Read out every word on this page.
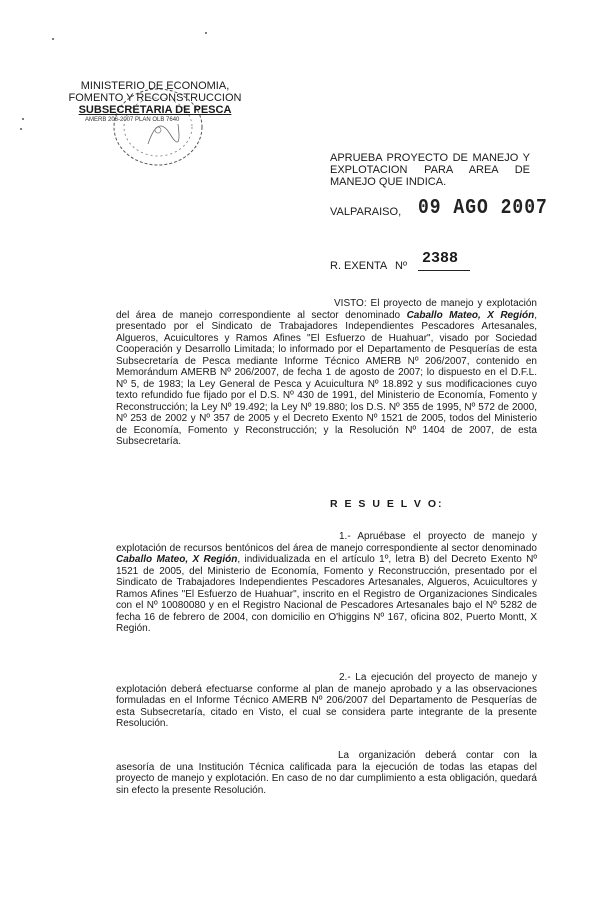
MINISTERIO DE ECONOMIA,
FOMENTO Y RECONSTRUCCION
SUBSECRETARIA DE PESCA
AMERB 206-2007 PLAN OLB 7640
APRUEBA PROYECTO DE MANEJO Y EXPLOTACION PARA AREA DE MANEJO QUE INDICA.
VALPARAISO, 09 AGO 2007
R. EXENTA Nº 2388
VISTO: El proyecto de manejo y explotación del área de manejo correspondiente al sector denominado Caballo Mateo, X Región, presentado por el Sindicato de Trabajadores Independientes Pescadores Artesanales, Algueros, Acuicultores y Ramos Afines "El Esfuerzo de Huahuar", visado por Sociedad Cooperación y Desarrollo Limitada; lo informado por el Departamento de Pesquerías de esta Subsecretaría de Pesca mediante Informe Técnico AMERB Nº 206/2007, contenido en Memorándum AMERB Nº 206/2007, de fecha 1 de agosto de 2007; lo dispuesto en el D.F.L. Nº 5, de 1983; la Ley General de Pesca y Acuicultura Nº 18.892 y sus modificaciones cuyo texto refundido fue fijado por el D.S. Nº 430 de 1991, del Ministerio de Economía, Fomento y Reconstrucción; la Ley Nº 19.492; la Ley Nº 19.880; los D.S. Nº 355 de 1995, Nº 572 de 2000, Nº 253 de 2002 y Nº 357 de 2005 y el Decreto Exento Nº 1521 de 2005, todos del Ministerio de Economía, Fomento y Reconstrucción; y la Resolución Nº 1404 de 2007, de esta Subsecretaría.
R E S U E L V O:
1.- Apruébase el proyecto de manejo y explotación de recursos bentónicos del área de manejo correspondiente al sector denominado Caballo Mateo, X Región, individualizada en el artículo 1º, letra B) del Decreto Exento Nº 1521 de 2005, del Ministerio de Economía, Fomento y Reconstrucción, presentado por el Sindicato de Trabajadores Independientes Pescadores Artesanales, Algueros, Acuicultores y Ramos Afines "El Esfuerzo de Huahuar", inscrito en el Registro de Organizaciones Sindicales con el Nº 10080080 y en el Registro Nacional de Pescadores Artesanales bajo el Nº 5282 de fecha 16 de febrero de 2004, con domicilio en O'higgins Nº 167, oficina 802, Puerto Montt, X Región.
2.- La ejecución del proyecto de manejo y explotación deberá efectuarse conforme al plan de manejo aprobado y a las observaciones formuladas en el Informe Técnico AMERB Nº 206/2007 del Departamento de Pesquerías de esta Subsecretaría, citado en Visto, el cual se considera parte integrante de la presente Resolución.
La organización deberá contar con la asesoría de una Institución Técnica calificada para la ejecución de todas las etapas del proyecto de manejo y explotación. En caso de no dar cumplimiento a esta obligación, quedará sin efecto la presente Resolución.
